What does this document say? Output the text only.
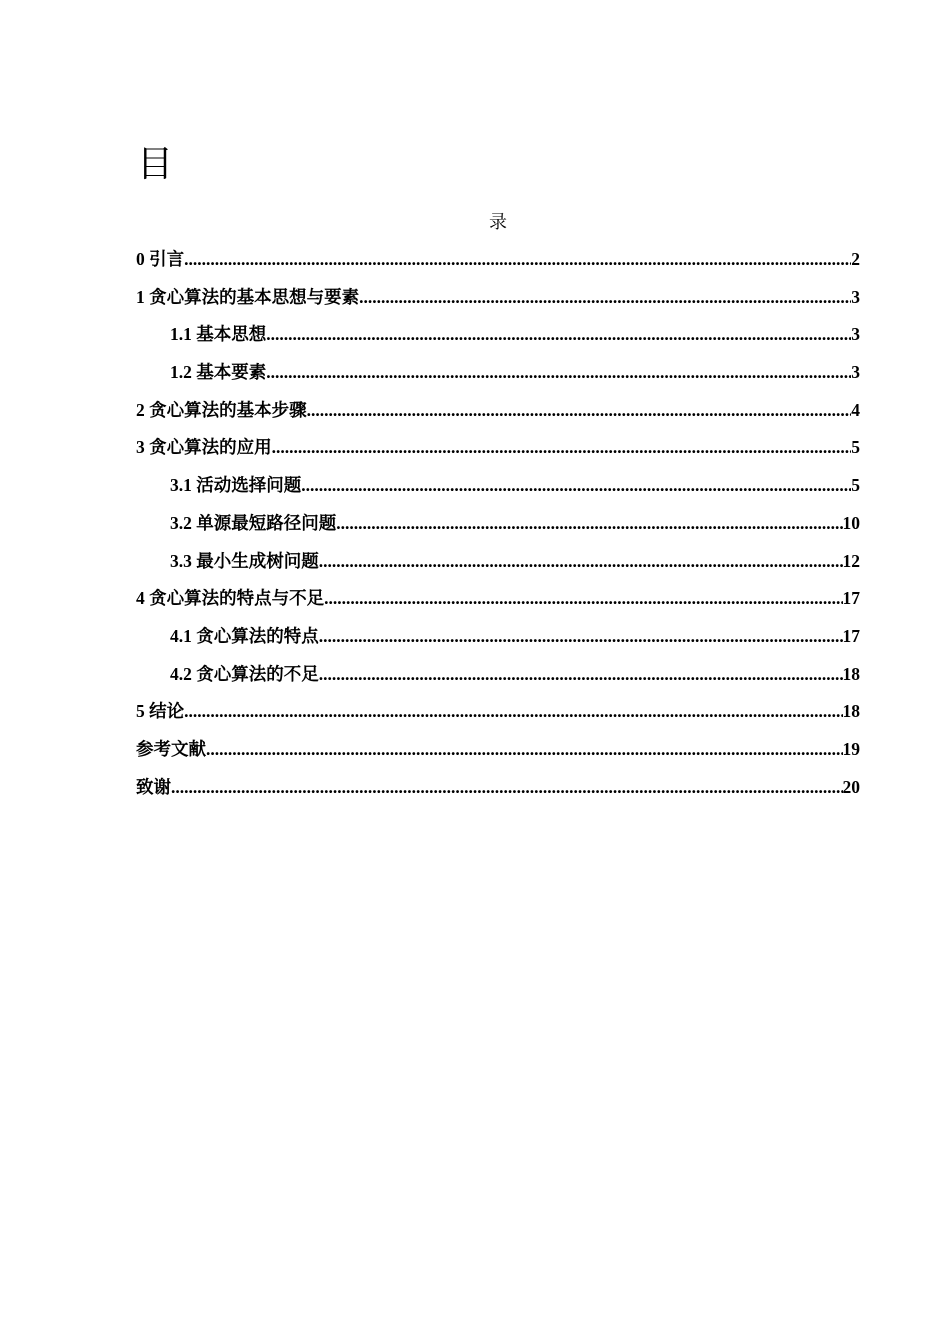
目
录
0 引言 .....	2
1 贪心算法的基本思想与要素 .....	3
1.1 基本思想 .....	3
1.2 基本要素 .....	3
2 贪心算法的基本步骤 .....	4
3 贪心算法的应用 .....	5
3.1 活动选择问题 .....	5
3.2 单源最短路径问题 .....	10
3.3 最小生成树问题 .....	12
4 贪心算法的特点与不足 .....	17
4.1 贪心算法的特点 .....	17
4.2 贪心算法的不足 .....	18
5 结论 .....	18
参考文献 .....	19
致谢 .....	20
